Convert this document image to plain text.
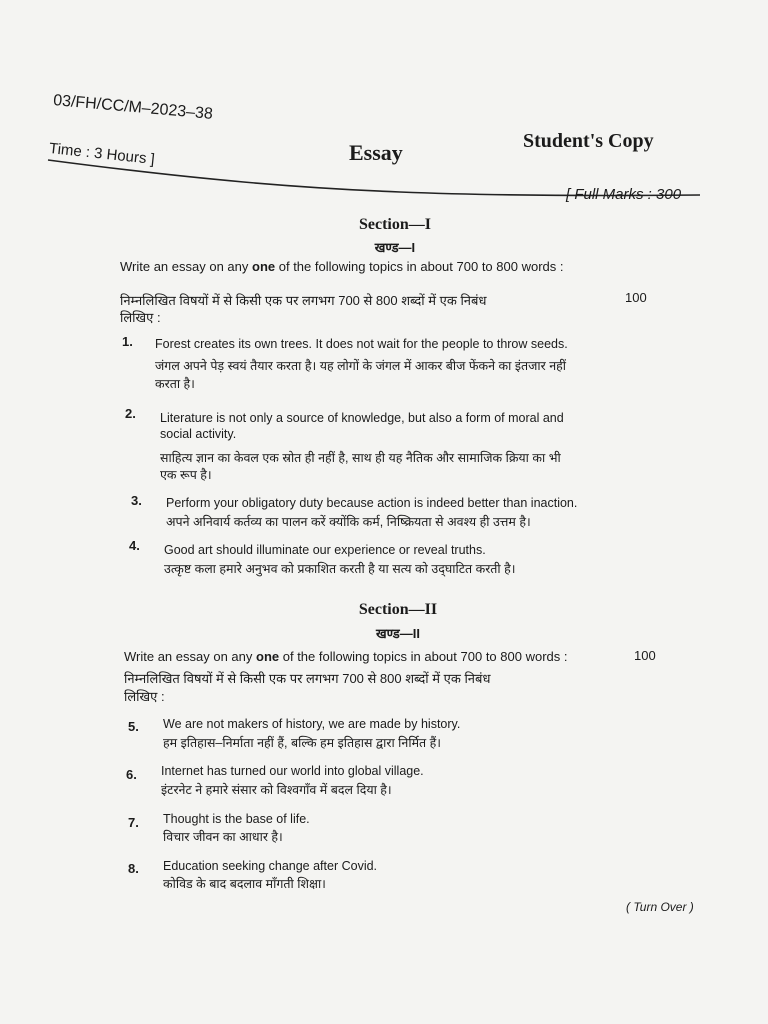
03/FH/CC/M–2023–38
Time : 3 Hours ]	Essay	Student's Copy
[ Full Marks : 300
Section—I
खण्ड—I
Write an essay on any one of the following topics in about 700 to 800 words :
निम्नलिखित विषयों में से किसी एक पर लगभग 700 से 800 शब्दों में एक निबंध
लिखिए :
100
1. Forest creates its own trees. It does not wait for the people to throw seeds.
जंगल अपने पेड़ स्वयं तैयार करता है। यह लोगों के जंगल में आकर बीज फेंकने का इंतजार नहीं
करता है।
2. Literature is not only a source of knowledge, but also a form of moral and
social activity.
साहित्य ज्ञान का केवल एक स्रोत ही नहीं है, साथ ही यह नैतिक और सामाजिक क्रिया का भी
एक रूप है।
3. Perform your obligatory duty because action is indeed better than inaction.
अपने अनिवार्य कर्तव्य का पालन करें क्योंकि कर्म, निष्क्रियता से अवश्य ही उत्तम है।
4. Good art should illuminate our experience or reveal truths.
उत्कृष्ट कला हमारे अनुभव को प्रकाशित करती है या सत्य को उद्‌घाटित करती है।
Section—II
खण्ड—II
Write an essay on any one of the following topics in about 700 to 800 words :
निम्नलिखित विषयों में से किसी एक पर लगभग 700 से 800 शब्दों में एक निबंध
लिखिए :
100
5. We are not makers of history, we are made by history.
हम इतिहास–निर्माता नहीं हैं, बल्कि हम इतिहास द्वारा निर्मित हैं।
6. Internet has turned our world into global village.
इंटरनेट ने हमारे संसार को विश्वगाँव में बदल दिया है।
7. Thought is the base of life.
विचार जीवन का आधार है।
8. Education seeking change after Covid.
कोविड के बाद बदलाव माँगती शिक्षा।
( Turn Over )
